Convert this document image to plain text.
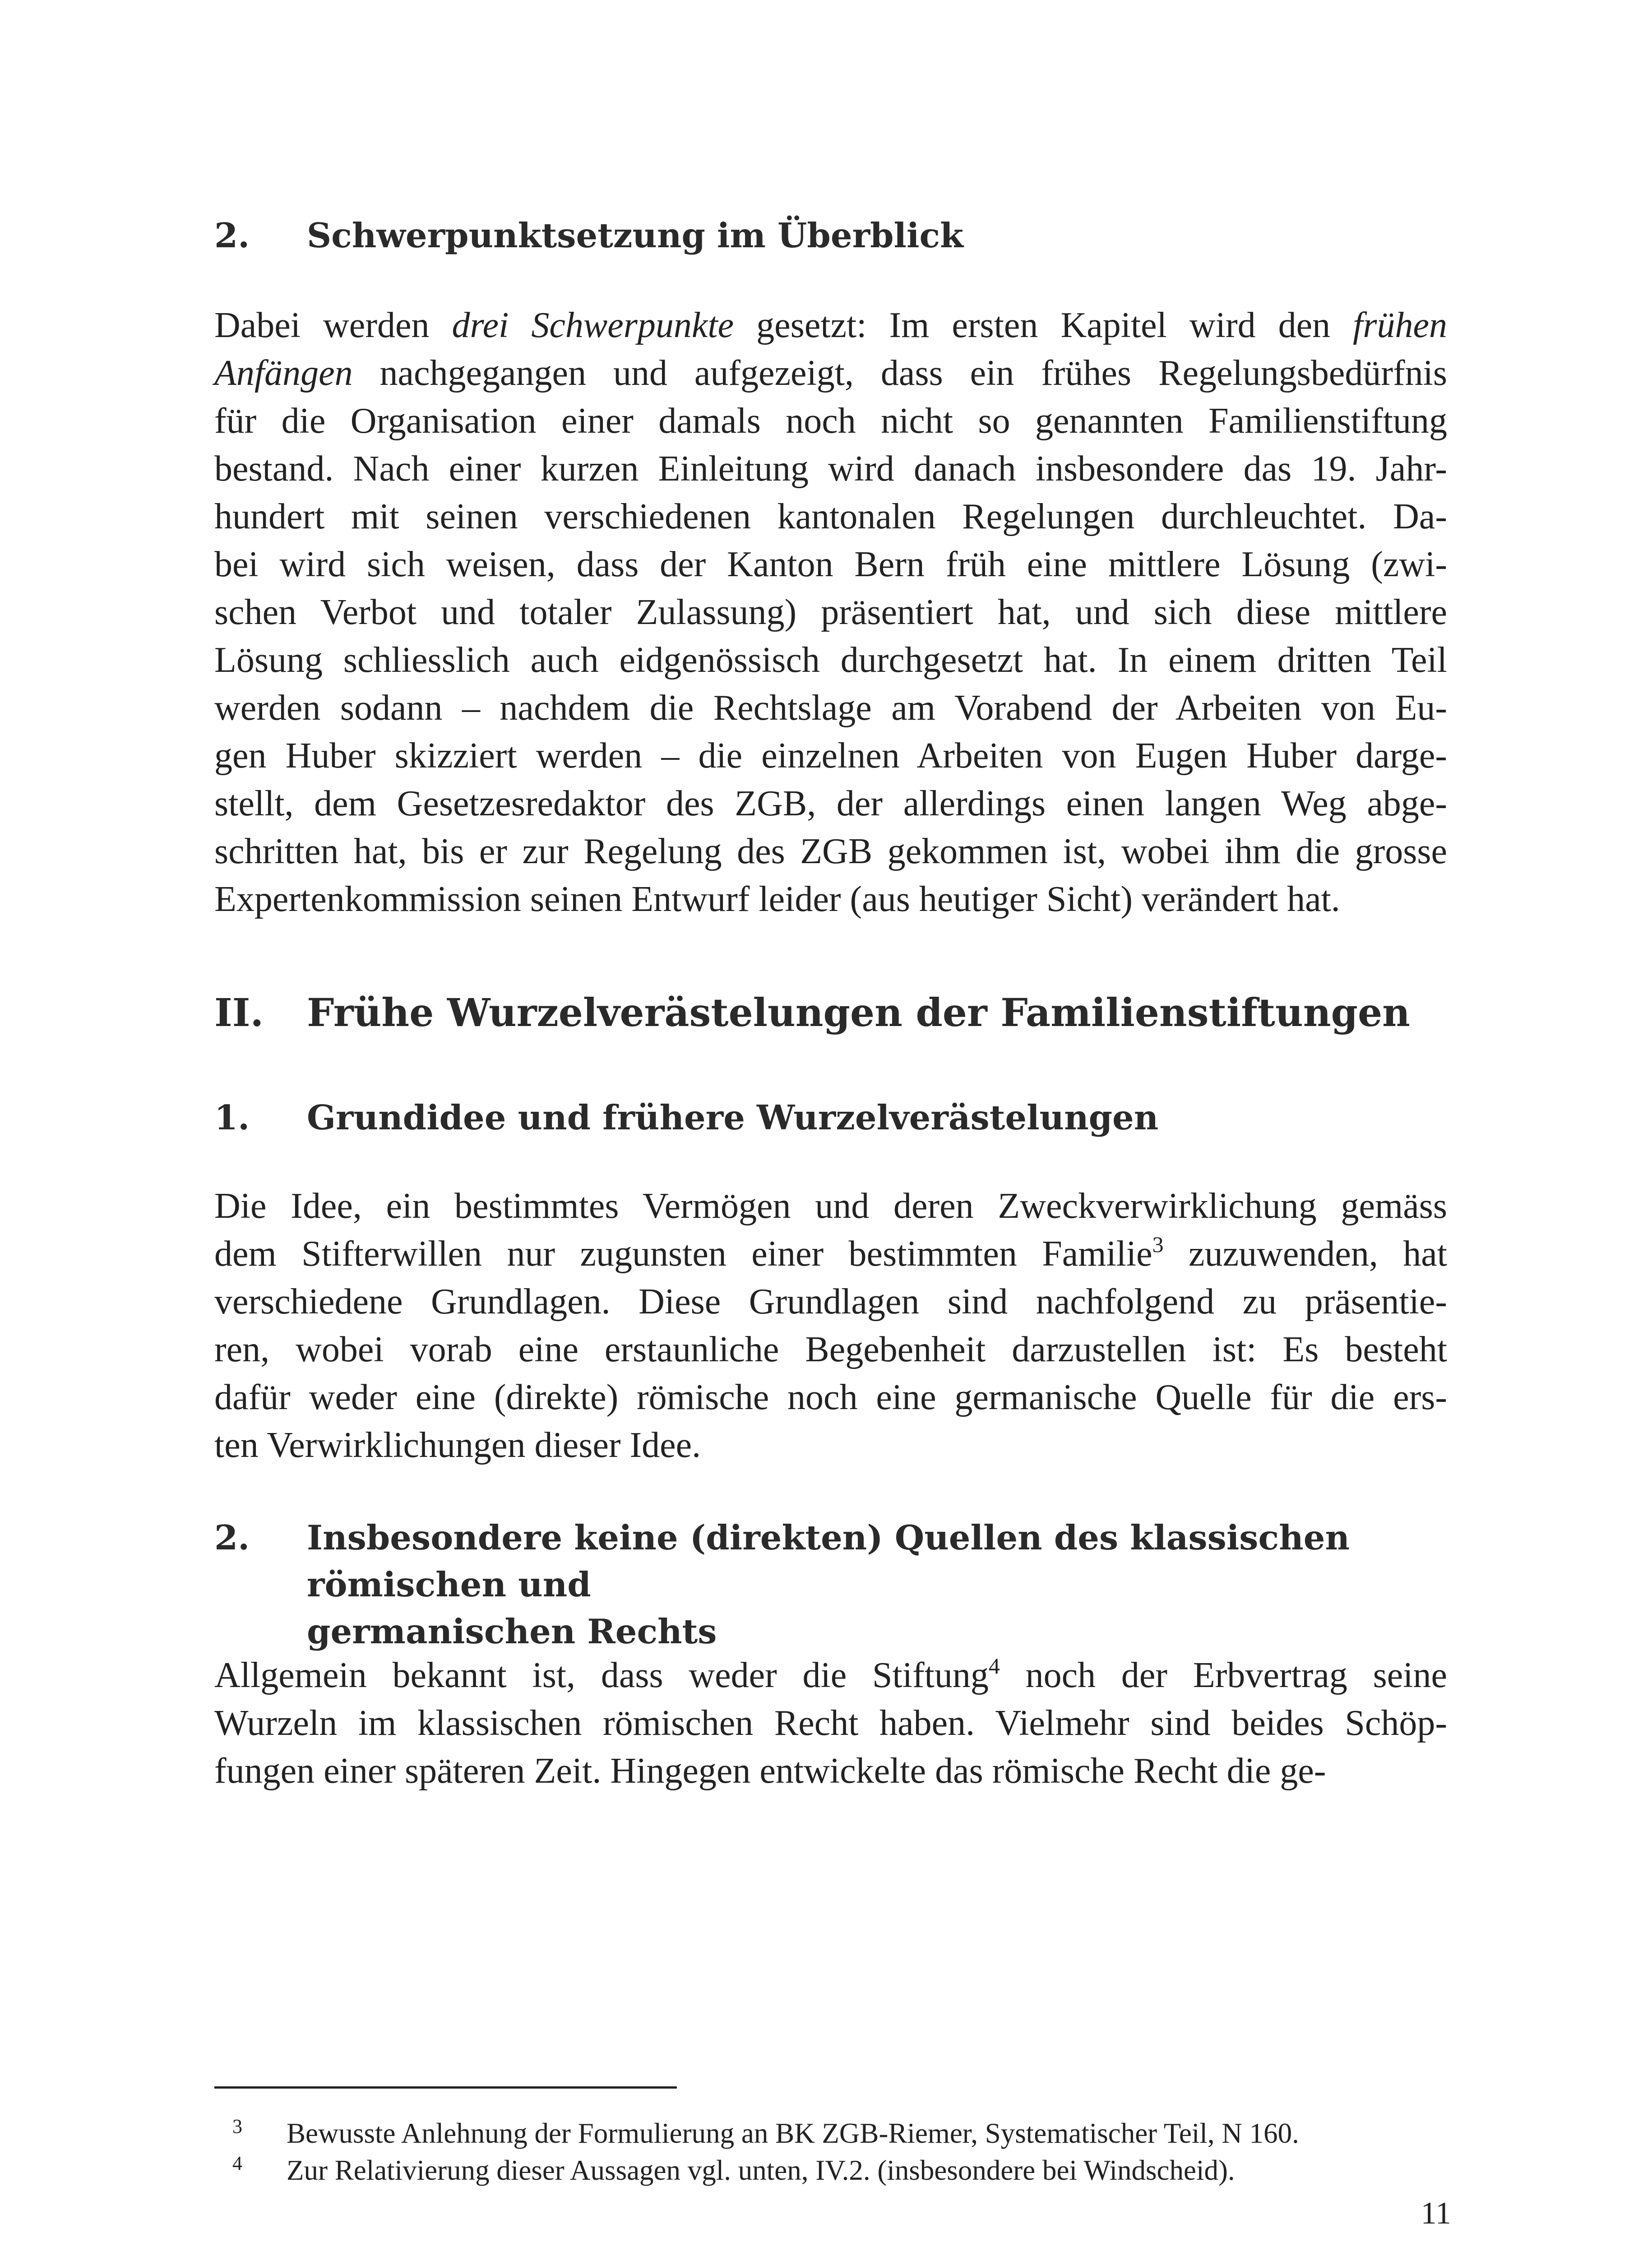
2.	Schwerpunktsetzung im Überblick
Dabei werden drei Schwerpunkte gesetzt: Im ersten Kapitel wird den frühen
Anfängen nachgegangen und aufgezeigt, dass ein frühes Regelungsbedürfnis
für die Organisation einer damals noch nicht so genannten Familienstiftung
bestand. Nach einer kurzen Einleitung wird danach insbesondere das 19. Jahr-
hundert mit seinen verschiedenen kantonalen Regelungen durchleuchtet. Da-
bei wird sich weisen, dass der Kanton Bern früh eine mittlere Lösung (zwi-
schen Verbot und totaler Zulassung) präsentiert hat, und sich diese mittlere
Lösung schliesslich auch eidgenössisch durchgesetzt hat. In einem dritten Teil
werden sodann – nachdem die Rechtslage am Vorabend der Arbeiten von Eu-
gen Huber skizziert werden – die einzelnen Arbeiten von Eugen Huber darge-
stellt, dem Gesetzesredaktor des ZGB, der allerdings einen langen Weg abge-
schritten hat, bis er zur Regelung des ZGB gekommen ist, wobei ihm die grosse
Expertenkommission seinen Entwurf leider (aus heutiger Sicht) verändert hat.
II.	Frühe Wurzelverästelungen der Familienstiftungen
1.	Grundidee und frühere Wurzelverästelungen
Die Idee, ein bestimmtes Vermögen und deren Zweckverwirklichung gemäss
dem Stifterwillen nur zugunsten einer bestimmten Familie$^3$ zuzuwenden, hat
verschiedene Grundlagen. Diese Grundlagen sind nachfolgend zu präsentie-
ren, wobei vorab eine erstaunliche Begebenheit darzustellen ist: Es besteht
dafür weder eine (direkte) römische noch eine germanische Quelle für die ers-
ten Verwirklichungen dieser Idee.
2.	Insbesondere keine (direkten) Quellen des klassischen römischen und
germanischen Rechts
Allgemein bekannt ist, dass weder die Stiftung$^4$ noch der Erbvertrag seine
Wurzeln im klassischen römischen Recht haben. Vielmehr sind beides Schöp-
fungen einer späteren Zeit. Hingegen entwickelte das römische Recht die ge-
3	Bewusste Anlehnung der Formulierung an BK ZGB-Riemer, Systematischer Teil, N 160.
4	Zur Relativierung dieser Aussagen vgl. unten, IV.2. (insbesondere bei Windscheid).
11
